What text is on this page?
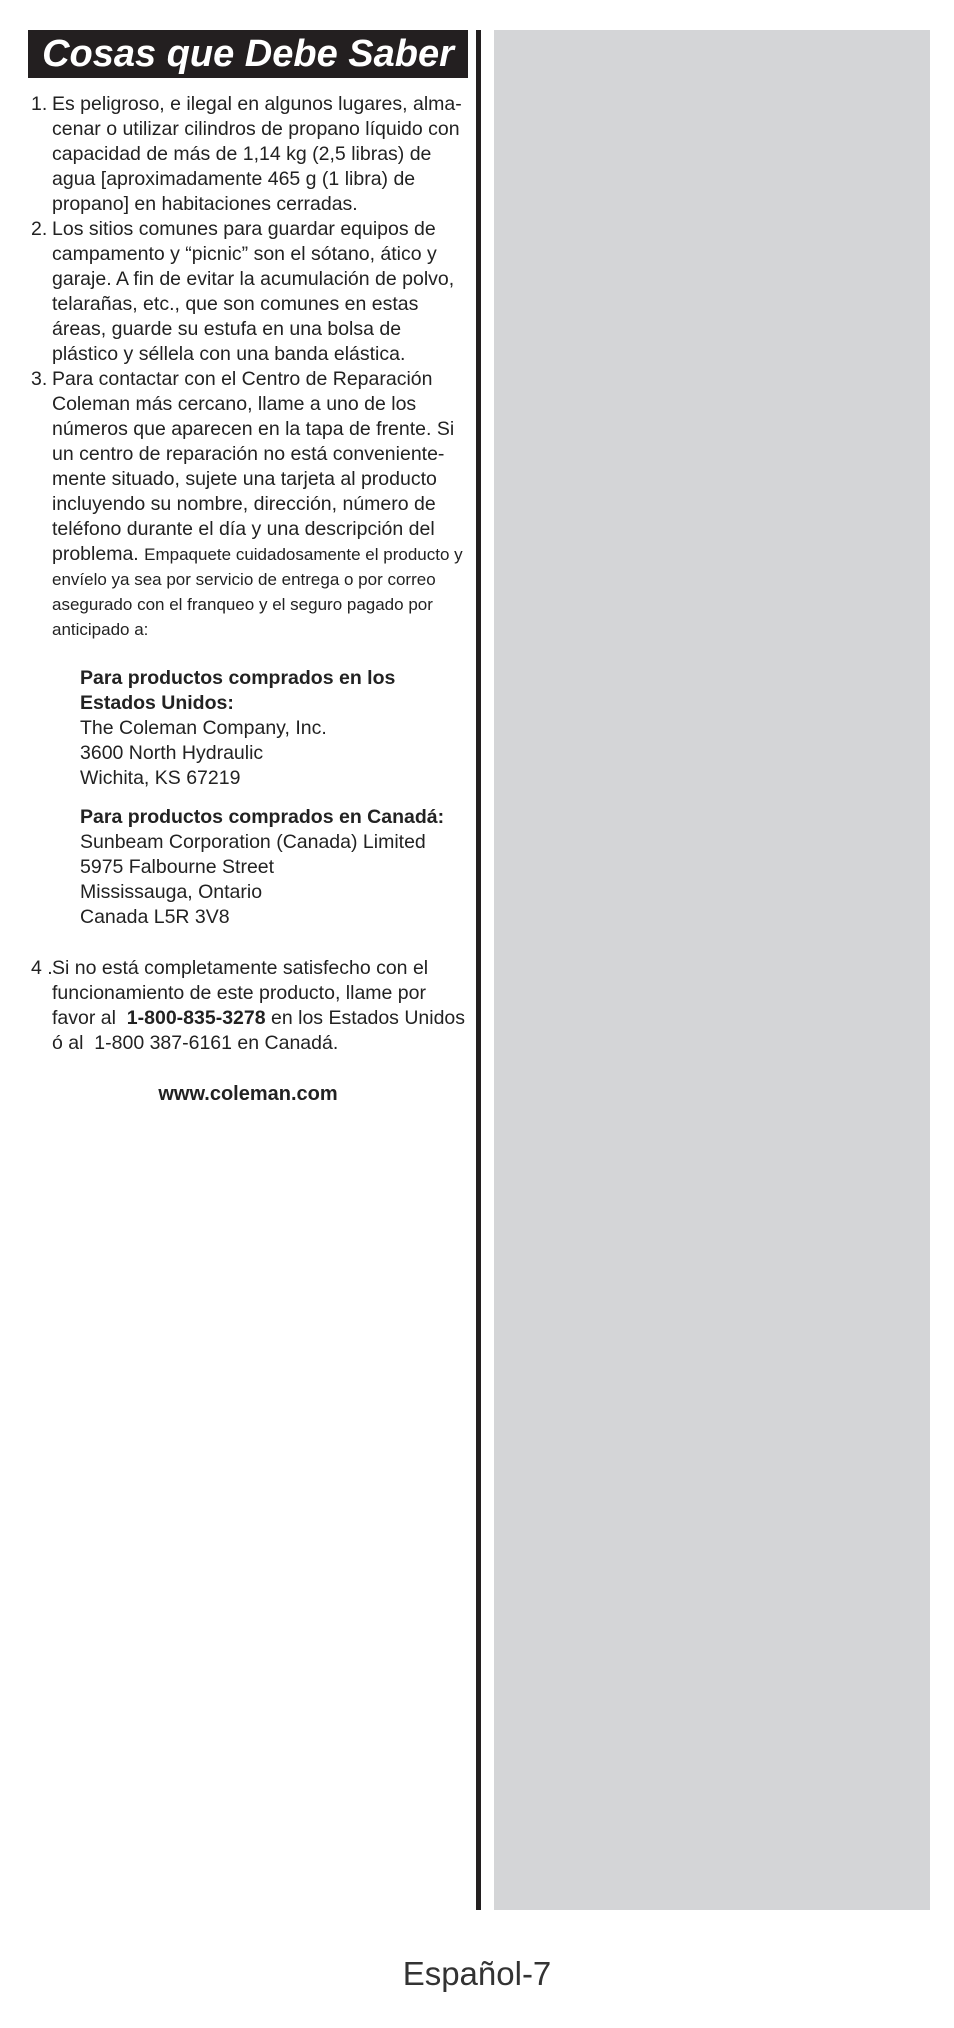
Cosas que Debe Saber
1. Es peligroso, e ilegal en algunos lugares, alma-cenar o utilizar cilindros de propano líquido con capacidad de más de 1,14 kg (2,5 libras) de agua [aproximadamente 465 g (1 libra) de propano] en habitaciones cerradas.

2. Los sitios comunes para guardar equipos de campamento y “picnic” son el sótano, ático y garaje. A fin de evitar la acumulación de polvo, telarañas, etc., que son comunes en estas áreas, guarde su estufa en una bolsa de plástico y séllela con una banda elástica.

3. Para contactar con el Centro de Reparación Coleman más cercano, llame a uno de los números que aparecen en la tapa de frente. Si un centro de reparación no está conveniente-mente situado, sujete una tarjeta al producto incluyendo su nombre, dirección, número de teléfono durante el día y una descripción del problema. Empaquete cuidadosamente el producto y envíelo ya sea por servicio de entrega o por correo asegurado con el franqueo y el seguro pagado por anticipado a:

Para productos comprados en los Estados Unidos:
The Coleman Company, Inc.
3600 North Hydraulic
Wichita, KS 67219
Para productos comprados en Canadá:
Sunbeam Corporation (Canada) Limited
5975 Falbourne Street
Mississauga, Ontario
Canada L5R 3V8
4 . Si no está completamente satisfecho con el funcionamiento de este producto, llame por favor al 1-800-835-3278 en los Estados Unidos ó al 1-800 387-6161 en Canadá.

www.coleman.com
Español-7
